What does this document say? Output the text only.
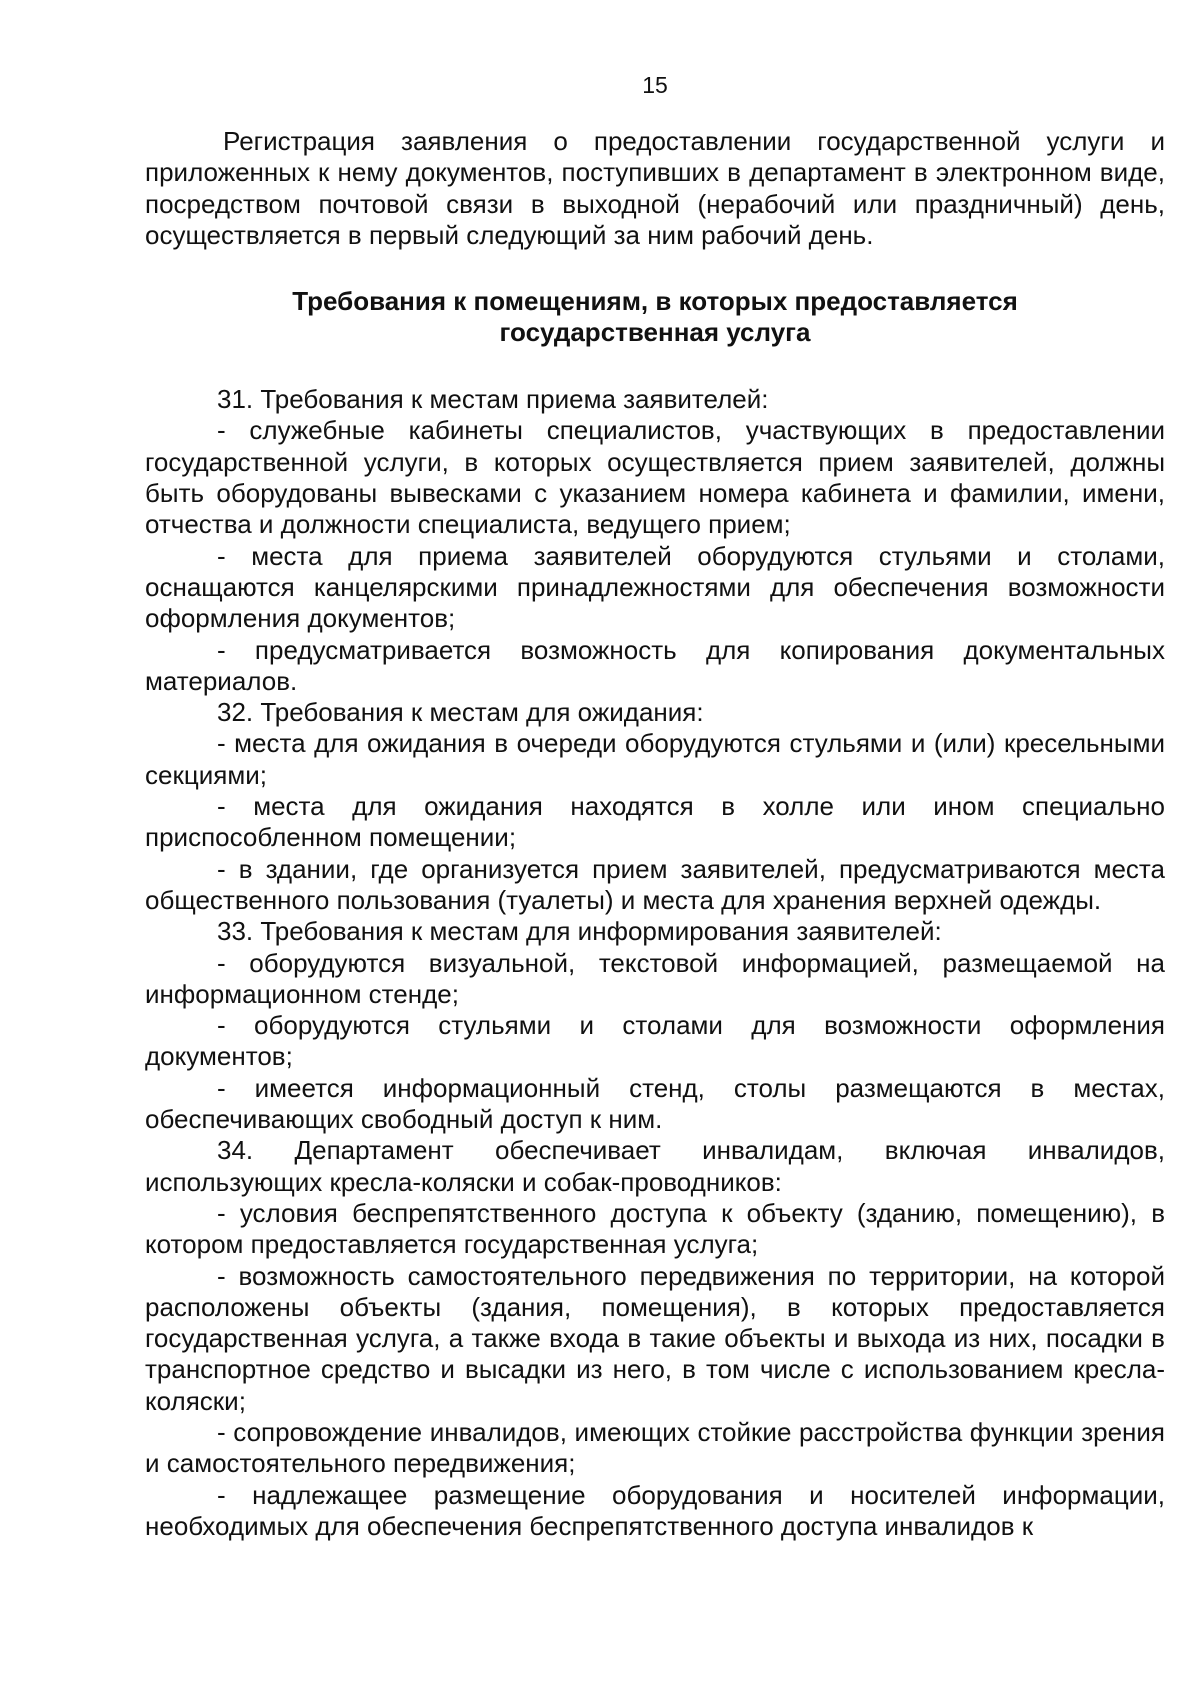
15

Регистрация заявления о предоставлении государственной услуги и приложенных к нему документов, поступивших в департамент в электронном виде, посредством почтовой связи в выходной (нерабочий или праздничный) день, осуществляется в первый следующий за ним рабочий день.

Требования к помещениям, в которых предоставляется
государственная услуга

31. Требования к местам приема заявителей:

- служебные кабинеты специалистов, участвующих в предоставлении государственной услуги, в которых осуществляется прием заявителей, должны быть оборудованы вывесками с указанием номера кабинета и фамилии, имени, отчества и должности специалиста, ведущего прием;

- места для приема заявителей оборудуются стульями и столами, оснащаются канцелярскими принадлежностями для обеспечения возможности оформления документов;

- предусматривается возможность для копирования документальных материалов.

32. Требования к местам для ожидания:

- места для ожидания в очереди оборудуются стульями и (или) кресельными секциями;

- места для ожидания находятся в холле или ином специально приспособленном помещении;

- в здании, где организуется прием заявителей, предусматриваются места общественного пользования (туалеты) и места для хранения верхней одежды.

33. Требования к местам для информирования заявителей:

- оборудуются визуальной, текстовой информацией, размещаемой на информационном стенде;

- оборудуются стульями и столами для возможности оформления документов;

- имеется информационный стенд, столы размещаются в местах, обеспечивающих свободный доступ к ним.

34. Департамент обеспечивает инвалидам, включая инвалидов, использующих кресла-коляски и собак-проводников:

- условия беспрепятственного доступа к объекту (зданию, помещению), в котором предоставляется государственная услуга;

- возможность самостоятельного передвижения по территории, на которой расположены объекты (здания, помещения), в которых предоставляется государственная услуга, а также входа в такие объекты и выхода из них, посадки в транспортное средство и высадки из него, в том числе с использованием кресла-коляски;

- сопровождение инвалидов, имеющих стойкие расстройства функции зрения и самостоятельного передвижения;

- надлежащее размещение оборудования и носителей информации, необходимых для обеспечения беспрепятственного доступа инвалидов к
